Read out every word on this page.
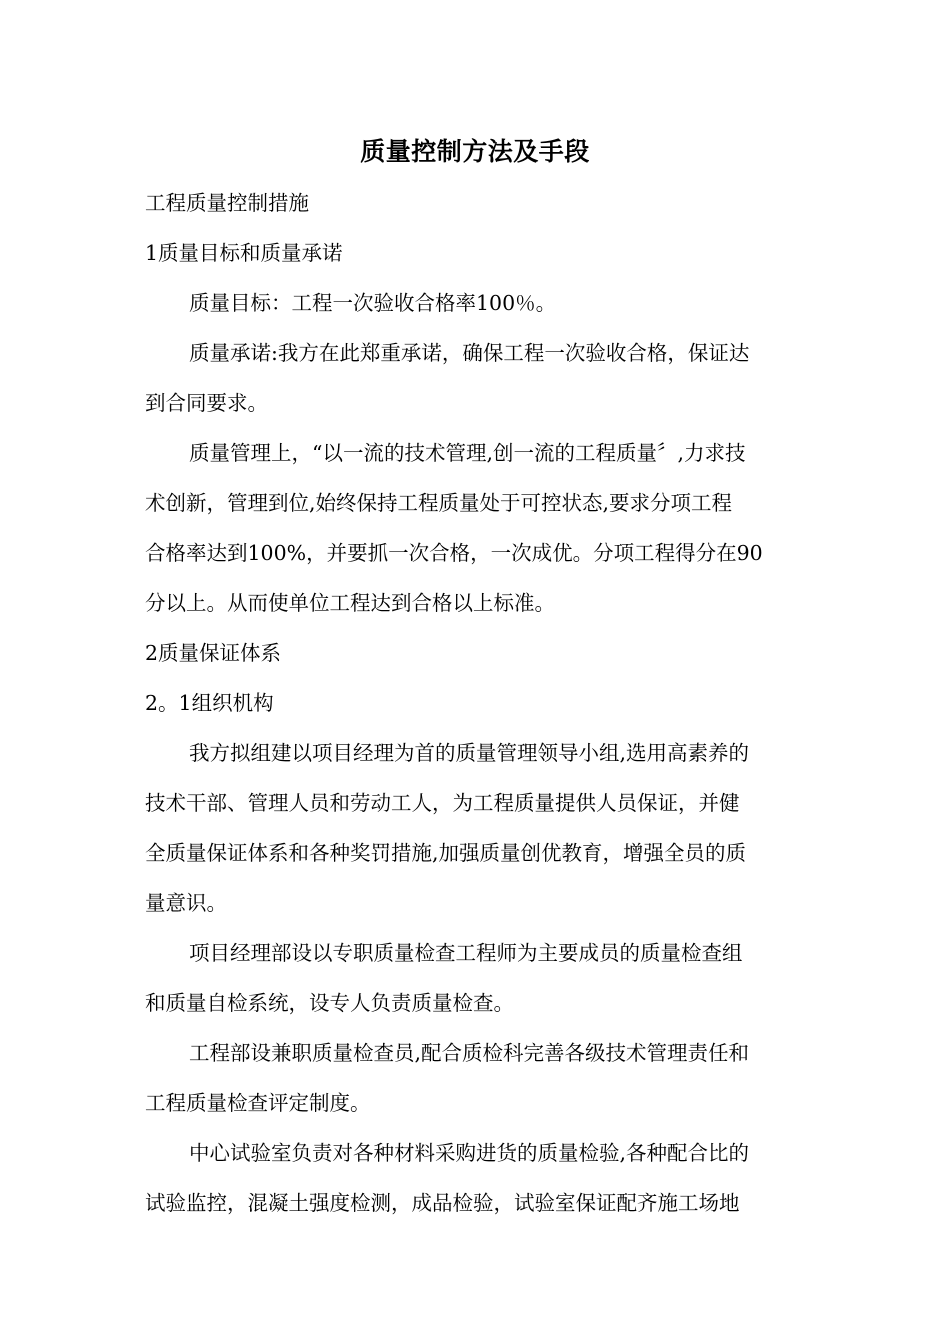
质量控制方法及手段
工程质量控制措施
1质量目标和质量承诺
质量目标：工程一次验收合格率100％。
质量承诺:我方在此郑重承诺，确保工程一次验收合格，保证达
到合同要求。
质量管理上，“以一流的技术管理,创一流的工程质量〞,力求技
术创新，管理到位,始终保持工程质量处于可控状态,要求分项工程
合格率达到100%，并要抓一次合格，一次成优。分项工程得分在90
分以上。从而使单位工程达到合格以上标准。
2质量保证体系
2。1组织机构
我方拟组建以项目经理为首的质量管理领导小组,选用高素养的
技术干部、管理人员和劳动工人，为工程质量提供人员保证，并健
全质量保证体系和各种奖罚措施,加强质量创优教育，增强全员的质
量意识。
项目经理部设以专职质量检查工程师为主要成员的质量检查组
和质量自检系统，设专人负责质量检查。
工程部设兼职质量检查员,配合质检科完善各级技术管理责任和
工程质量检查评定制度。
中心试验室负责对各种材料采购进货的质量检验,各种配合比的
试验监控，混凝土强度检测，成品检验，试验室保证配齐施工场地
